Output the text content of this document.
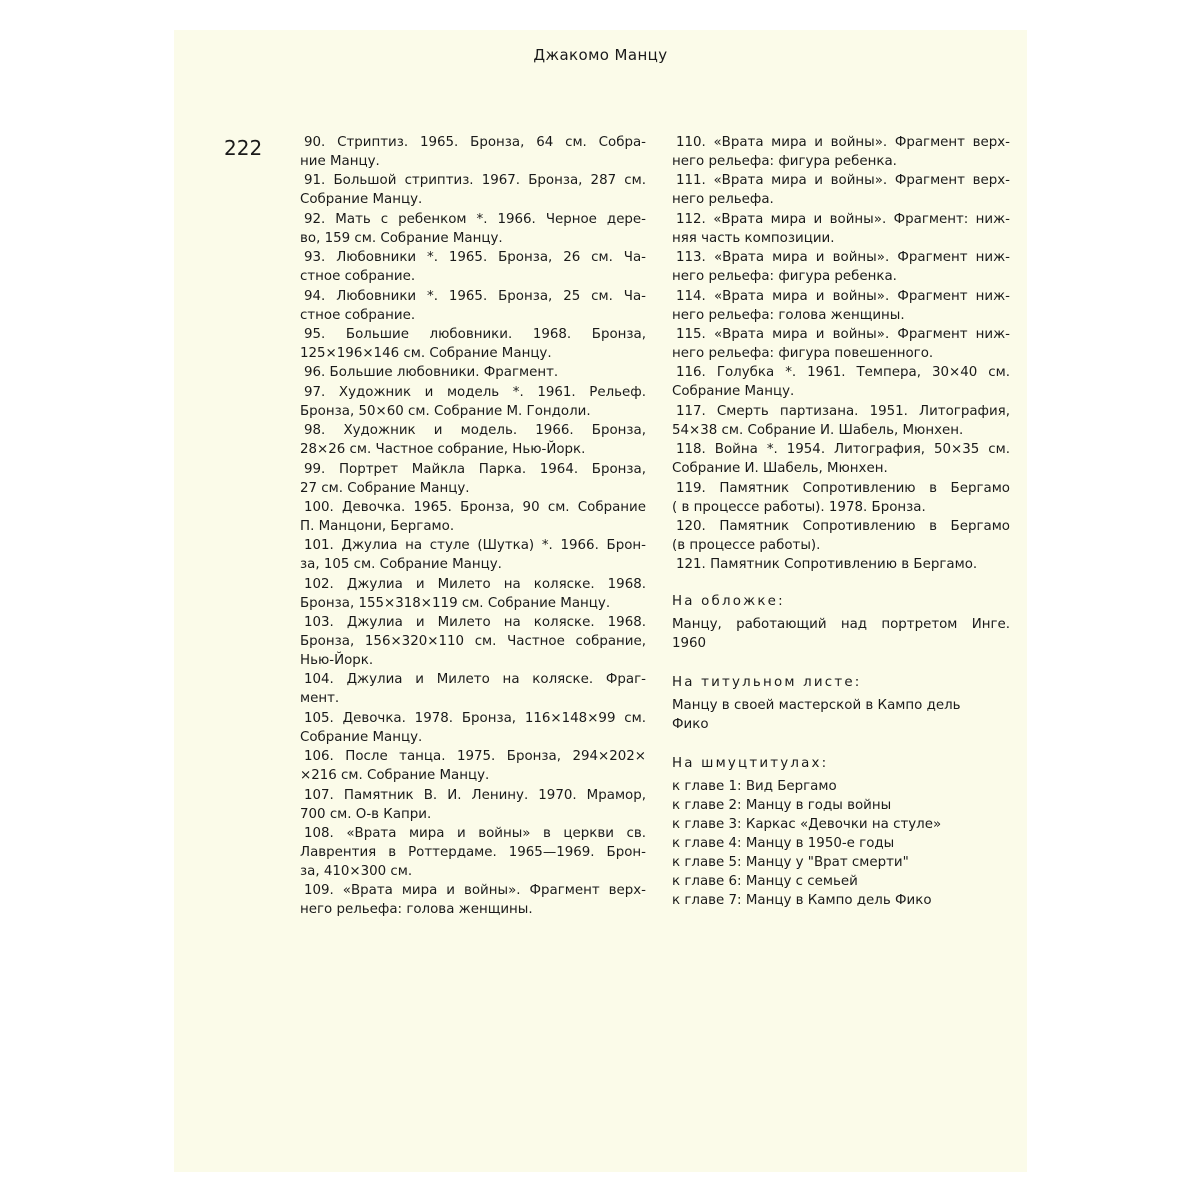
Джакомо Манцу
222	90. Стриптиз. 1965. Бронза, 64 см. Собра-
ние Манцу.
91. Большой стриптиз. 1967. Бронза, 287 см.
Собрание Манцу.
92. Мать с ребенком *. 1966. Черное дере-
во, 159 см. Собрание Манцу.
93. Любовники *. 1965. Бронза, 26 см. Ча-
стное собрание.
94. Любовники *. 1965. Бронза, 25 см. Ча-
стное собрание.
95. Большие любовники. 1968. Бронза,
125×196×146 см. Собрание Манцу.
96. Большие любовники. Фрагмент.
97. Художник и модель *. 1961. Рельеф.
Бронза, 50×60 см. Собрание М. Гондоли.
98. Художник и модель. 1966. Бронза,
28×26 см. Частное собрание, Нью-Йорк.
99. Портрет Майкла Парка. 1964. Бронза,
27 см. Собрание Манцу.
100. Девочка. 1965. Бронза, 90 см. Собрание
П. Манцони, Бергамо.
101. Джулиа на стуле (Шутка) *. 1966. Брон-
за, 105 см. Собрание Манцу.
102. Джулиа и Милето на коляске. 1968.
Бронза, 155×318×119 см. Собрание Манцу.
103. Джулиа и Милето на коляске. 1968.
Бронза, 156×320×110 см. Частное собрание,
Нью-Йорк.
104. Джулиа и Милето на коляске. Фраг-
мент.
105. Девочка. 1978. Бронза, 116×148×99 см.
Собрание Манцу.
106. После танца. 1975. Бронза, 294×202×
×216 см. Собрание Манцу.
107. Памятник В. И. Ленину. 1970. Мрамор,
700 см. О-в Капри.
108. «Врата мира и войны» в церкви св.
Лаврентия в Роттердаме. 1965—1969. Брон-
за, 410×300 см.
109. «Врата мира и войны». Фрагмент верх-
него рельефа: голова женщины.
110. «Врата мира и войны». Фрагмент верх-
него рельефа: фигура ребенка.
111. «Врата мира и войны». Фрагмент верх-
него рельефа.
112. «Врата мира и войны». Фрагмент: ниж-
няя часть композиции.
113. «Врата мира и войны». Фрагмент ниж-
него рельефа: фигура ребенка.
114. «Врата мира и войны». Фрагмент ниж-
него рельефа: голова женщины.
115. «Врата мира и войны». Фрагмент ниж-
него рельефа: фигура повешенного.
116. Голубка *. 1961. Темпера, 30×40 см.
Собрание Манцу.
117. Смерть партизана. 1951. Литография,
54×38 см. Собрание И. Шабель, Мюнхен.
118. Война *. 1954. Литография, 50×35 см.
Собрание И. Шабель, Мюнхен.
119. Памятник Сопротивлению в Бергамо
( в процессе работы). 1978. Бронза.
120. Памятник Сопротивлению в Бергамо
(в процессе работы).
121. Памятник Сопротивлению в Бергамо.
На обложке:
Манцу, работающий над портретом Инге.
1960
На титульном листе:
Манцу в своей мастерской в Кампо дель
Фико
На шмуцтитулах:
к главе 1: Вид Бергамо
к главе 2: Манцу в годы войны
к главе 3: Каркас «Девочки на стуле»
к главе 4: Манцу в 1950-е годы
к главе 5: Манцу у "Врат смерти"
к главе 6: Манцу с семьей
к главе 7: Манцу в Кампо дель Фико
